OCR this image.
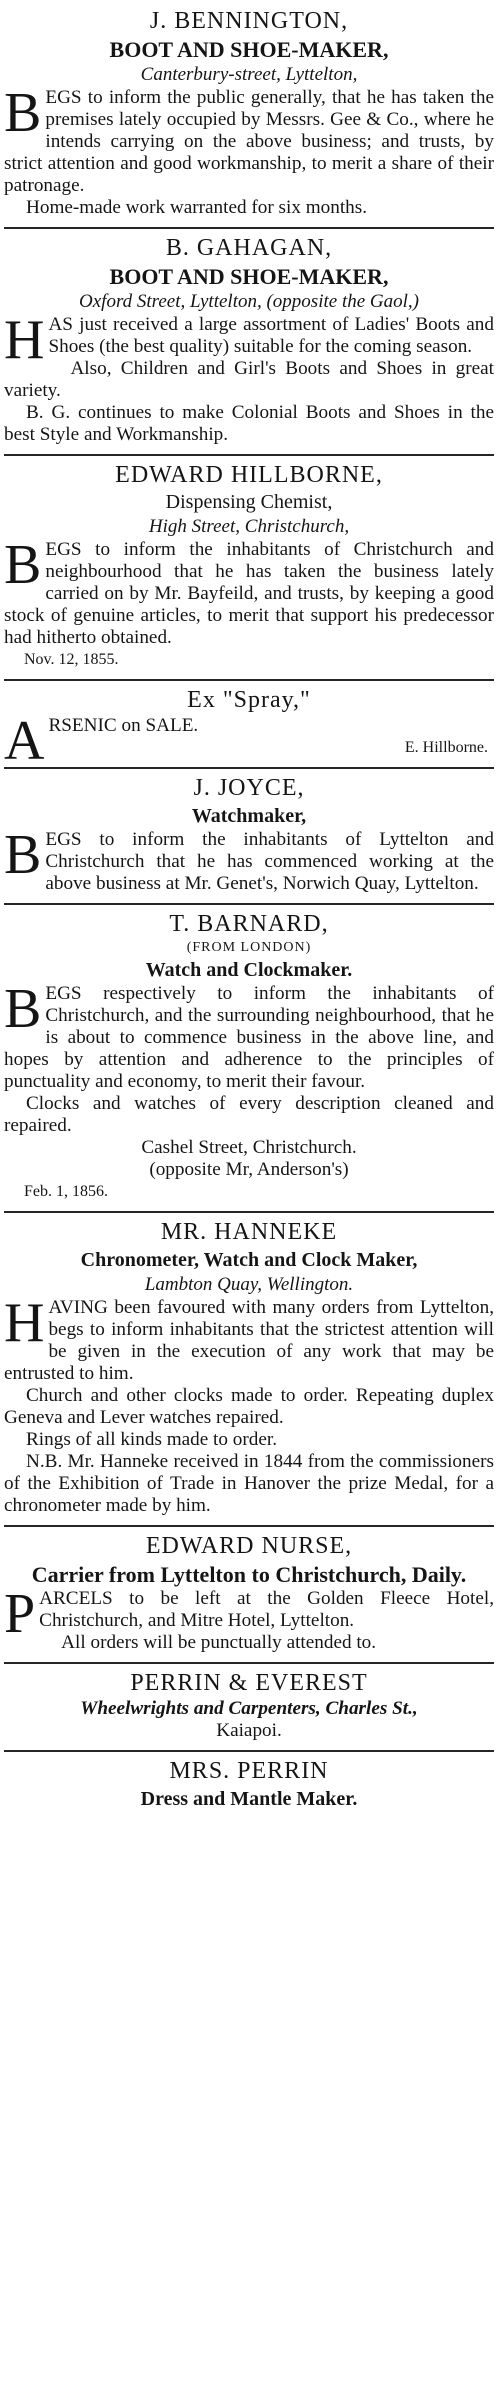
J. BENNINGTON,
BOOT AND SHOE-MAKER,
Canterbury-street, Lyttelton,

BEGS to inform the public generally, that he has taken the premises lately occupied by Messrs. Gee & Co., where he intends carrying on the above business; and trusts, by strict attention and good workmanship, to merit a share of their patronage.

Home-made work warranted for six months.

B. GAHAGAN,
BOOT AND SHOE-MAKER,
Oxford Street, Lyttelton, (opposite the Gaol,)

HAS just received a large assortment of Ladies' Boots and Shoes (the best quality) suitable for the coming season.

Also, Children and Girl's Boots and Shoes in great variety.

B. G. continues to make Colonial Boots and Shoes in the best Style and Workmanship.

EDWARD HILLBORNE,
Dispensing Chemist,
High Street, Christchurch,

BEGS to inform the inhabitants of Christchurch and neighbourhood that he has taken the business lately carried on by Mr. Bayfeild, and trusts, by keeping a good stock of genuine articles, to merit that support his predecessor had hitherto obtained.

Nov. 12, 1855.
Ex "Spray,"

ARSENIC on SALE.

E. Hillborne.
J. JOYCE,
Watchmaker,

BEGS to inform the inhabitants of Lyttelton and Christchurch that he has commenced working at the above business at Mr. Genet's, Norwich Quay, Lyttelton.

T. BARNARD,
(FROM LONDON)
Watch and Clockmaker.

BEGS respectively to inform the inhabitants of Christchurch, and the surrounding neighbourhood, that he is about to commence business in the above line, and hopes by attention and adherence to the principles of punctuality and economy, to merit their favour.

Clocks and watches of every description cleaned and repaired.

Cashel Street, Christchurch.
(opposite Mr, Anderson's)
Feb. 1, 1856.
MR. HANNEKE
Chronometer, Watch and Clock Maker,
Lambton Quay, Wellington.

HAVING been favoured with many orders from Lyttelton, begs to inform inhabitants that the strictest attention will be given in the execution of any work that may be entrusted to him.

Church and other clocks made to order. Repeating duplex Geneva and Lever watches repaired.

Rings of all kinds made to order.

N.B. Mr. Hanneke received in 1844 from the commissioners of the Exhibition of Trade in Hanover the prize Medal, for a chronometer made by him.

EDWARD NURSE,
Carrier from Lyttelton to Christchurch, Daily.

PARCELS to be left at the Golden Fleece Hotel, Christchurch, and Mitre Hotel, Lyttelton.

All orders will be punctually attended to.

PERRIN & EVEREST
Wheelwrights and Carpenters, Charles St.,
Kaiapoi.
MRS. PERRIN
Dress and Mantle Maker.
